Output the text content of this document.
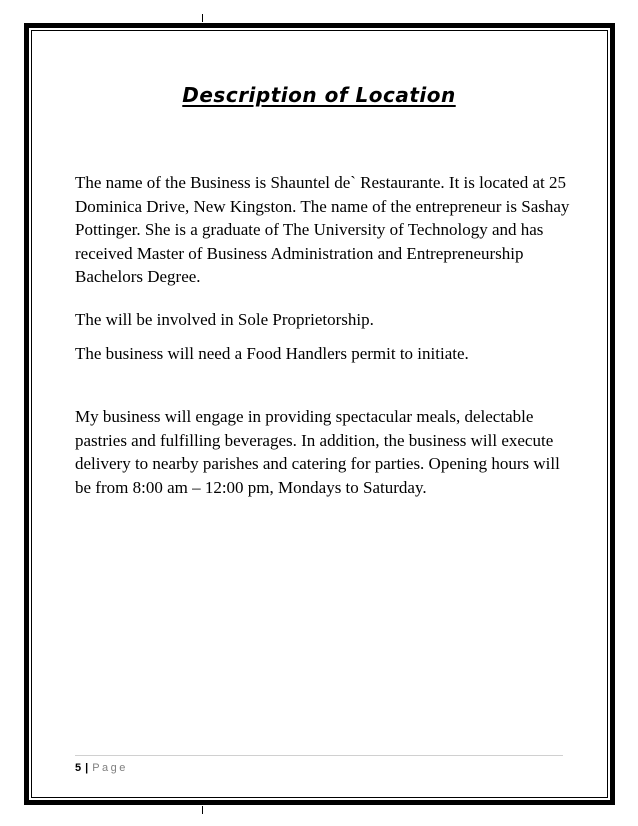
Description of Location

The name of the Business is Shauntel de` Restaurante. It is located at 25 Dominica Drive, New Kingston. The name of the entrepreneur is Sashay Pottinger. She is a graduate of The University of Technology and has received Master of Business Administration and Entrepreneurship Bachelors Degree.

The will be involved in Sole Proprietorship.

The business will need a Food Handlers permit to initiate.

My business will engage in providing spectacular meals, delectable pastries and fulfilling beverages. In addition, the business will execute delivery to nearby parishes and catering for parties. Opening hours will be from 8:00 am – 12:00 pm, Mondays to Saturday.

5 | Page
